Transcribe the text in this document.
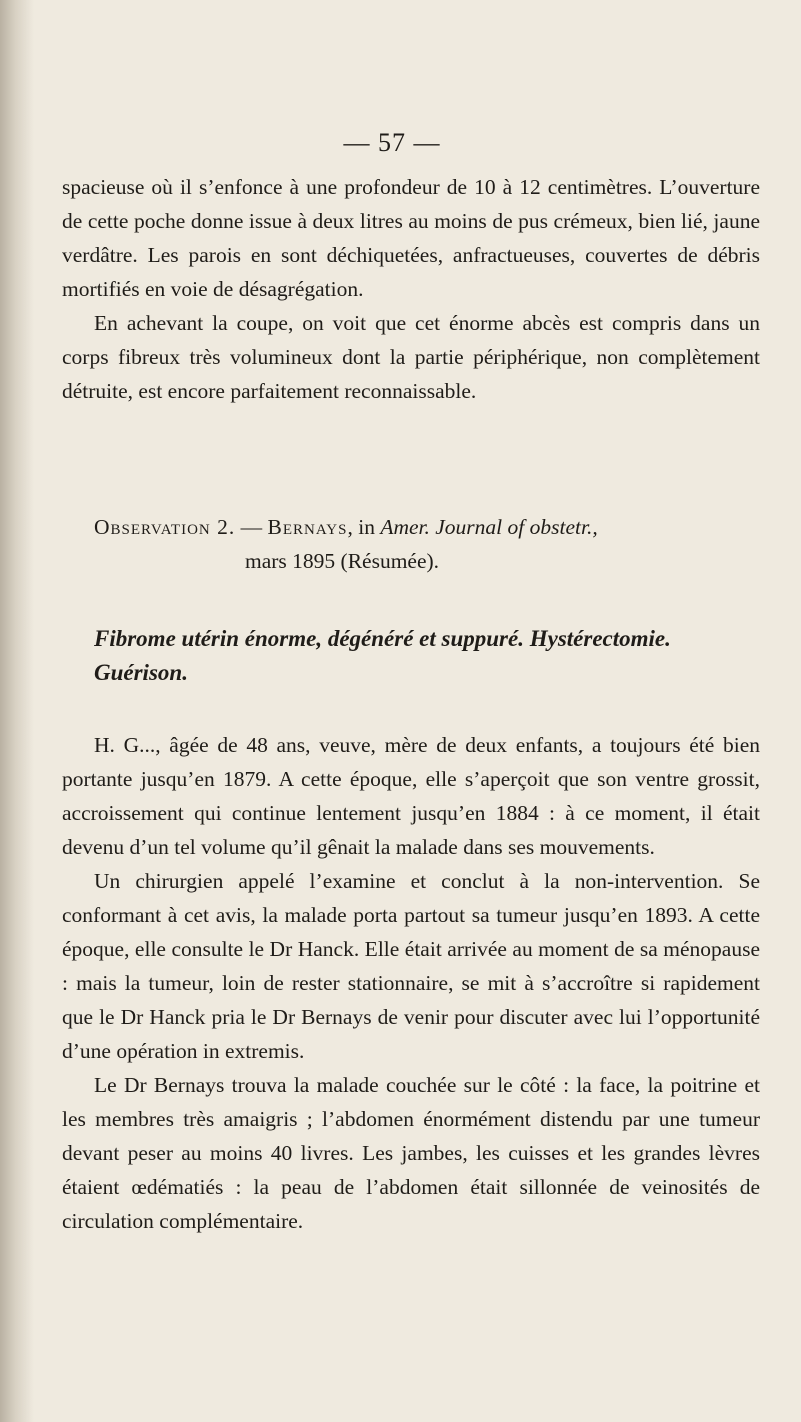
— 57 —

spacieuse où il s’enfonce à une profondeur de 10 à 12 centimètres. L’ouverture de cette poche donne issue à deux litres au moins de pus crémeux, bien lié, jaune verdâtre. Les parois en sont déchiquetées, anfractueuses, couvertes de débris mortifiés en voie de désagrégation.

En achevant la coupe, on voit que cet énorme abcès est compris dans un corps fibreux très volumineux dont la partie périphérique, non complètement détruite, est encore parfaitement reconnaissable.

Observation 2. — Bernays, in Amer. Journal of obstetr.,
mars 1895 (Résumée).
Fibrome utérin énorme, dégénéré et suppuré. Hystérectomie. Guérison.

H. G..., âgée de 48 ans, veuve, mère de deux enfants, a toujours été bien portante jusqu’en 1879. A cette époque, elle s’aperçoit que son ventre grossit, accroissement qui continue lentement jusqu’en 1884 : à ce moment, il était devenu d’un tel volume qu’il gênait la malade dans ses mouvements.

Un chirurgien appelé l’examine et conclut à la non-intervention. Se conformant à cet avis, la malade porta partout sa tumeur jusqu’en 1893. A cette époque, elle consulte le Dr Hanck. Elle était arrivée au moment de sa ménopause : mais la tumeur, loin de rester stationnaire, se mit à s’accroître si rapidement que le Dr Hanck pria le Dr Bernays de venir pour discuter avec lui l’opportunité d’une opération in extremis.

Le Dr Bernays trouva la malade couchée sur le côté : la face, la poitrine et les membres très amaigris ; l’abdomen énormément distendu par une tumeur devant peser au moins 40 livres. Les jambes, les cuisses et les grandes lèvres étaient œdématiés : la peau de l’abdomen était sillonnée de veinosités de circulation complémentaire.
